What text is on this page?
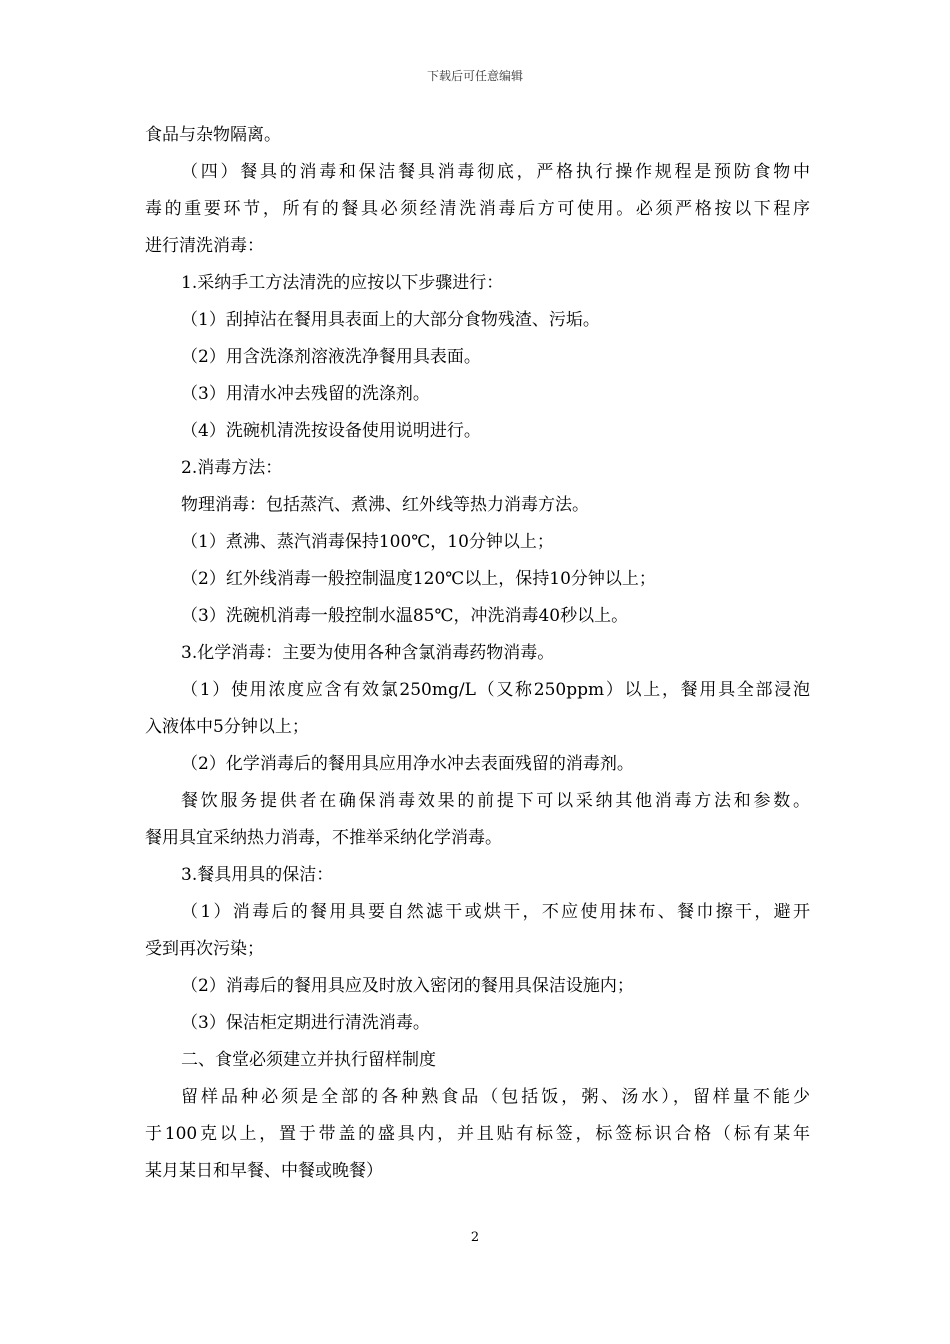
下载后可任意编辑
食品与杂物隔离。
（四）餐具的消毒和保洁餐具消毒彻底，严格执行操作规程是预防食物中
毒的重要环节，所有的餐具必须经清洗消毒后方可使用。必须严格按以下程序
进行清洗消毒：
1.采纳手工方法清洗的应按以下步骤进行：
（1）刮掉沾在餐用具表面上的大部分食物残渣、污垢。
（2）用含洗涤剂溶液洗净餐用具表面。
（3）用清水冲去残留的洗涤剂。
（4）洗碗机清洗按设备使用说明进行。
2.消毒方法：
物理消毒：包括蒸汽、煮沸、红外线等热力消毒方法。
（1）煮沸、蒸汽消毒保持100℃，10分钟以上；
（2）红外线消毒一般控制温度120℃以上，保持10分钟以上；
（3）洗碗机消毒一般控制水温85℃，冲洗消毒40秒以上。
3.化学消毒：主要为使用各种含氯消毒药物消毒。
（1）使用浓度应含有效氯250mg/L（又称250ppm）以上，餐用具全部浸泡
入液体中5分钟以上；
（2）化学消毒后的餐用具应用净水冲去表面残留的消毒剂。
餐饮服务提供者在确保消毒效果的前提下可以采纳其他消毒方法和参数。
餐用具宜采纳热力消毒，不推举采纳化学消毒。
3.餐具用具的保洁：
（1）消毒后的餐用具要自然滤干或烘干，不应使用抹布、餐巾擦干，避开
受到再次污染；
（2）消毒后的餐用具应及时放入密闭的餐用具保洁设施内；
（3）保洁柜定期进行清洗消毒。
二、食堂必须建立并执行留样制度
留样品种必须是全部的各种熟食品（包括饭，粥、汤水），留样量不能少
于100克以上，置于带盖的盛具内，并且贴有标签，标签标识合格（标有某年
某月某日和早餐、中餐或晚餐）
2
